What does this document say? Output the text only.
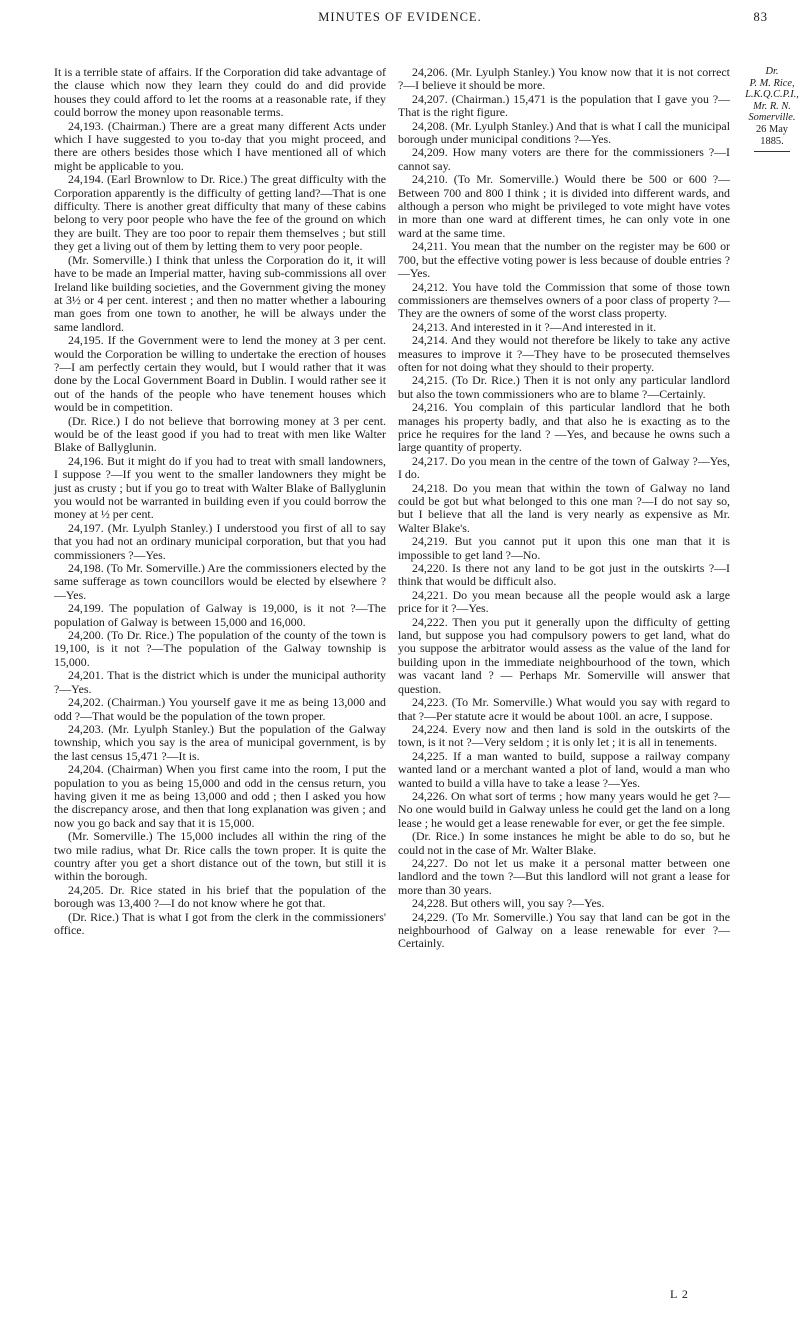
MINUTES OF EVIDENCE.	83

It is a terrible state of affairs. If the Corporation did take advantage of the clause which now they learn they could do and did provide houses they could afford to let the rooms at a reasonable rate, if they could borrow the money upon reasonable terms.

24,193. (Chairman.) There are a great many different Acts under which I have suggested to you to-day that you might proceed, and there are others besides those which I have mentioned all of which might be applicable to you.

24,194. (Earl Brownlow to Dr. Rice.) The great difficulty with the Corporation apparently is the difficulty of getting land?—That is one difficulty. There is another great difficulty that many of these cabins belong to very poor people who have the fee of the ground on which they are built. They are too poor to repair them themselves ; but still they get a living out of them by letting them to very poor people.

(Mr. Somerville.) I think that unless the Corporation do it, it will have to be made an Imperial matter, having sub-commissions all over Ireland like building societies, and the Government giving the money at 3½ or 4 per cent. interest ; and then no matter whether a labouring man goes from one town to another, he will be always under the same landlord.

24,195. If the Government were to lend the money at 3 per cent. would the Corporation be willing to undertake the erection of houses ?—I am perfectly certain they would, but I would rather that it was done by the Local Government Board in Dublin. I would rather see it out of the hands of the people who have tenement houses which would be in competition.

(Dr. Rice.) I do not believe that borrowing money at 3 per cent. would be of the least good if you had to treat with men like Walter Blake of Ballyglunin.

24,196. But it might do if you had to treat with small landowners, I suppose ?—If you went to the smaller landowners they might be just as crusty ; but if you go to treat with Walter Blake of Ballyglunin you would not be warranted in building even if you could borrow the money at ½ per cent.

24,197. (Mr. Lyulph Stanley.) I understood you first of all to say that you had not an ordinary municipal corporation, but that you had commissioners ?—Yes.

24,198. (To Mr. Somerville.) Are the commissioners elected by the same sufferage as town councillors would be elected by elsewhere ?—Yes.

24,199. The population of Galway is 19,000, is it not ?—The population of Galway is between 15,000 and 16,000.

24,200. (To Dr. Rice.) The population of the county of the town is 19,100, is it not ?—The population of the Galway township is 15,000.

24,201. That is the district which is under the municipal authority ?—Yes.

24,202. (Chairman.) You yourself gave it me as being 13,000 and odd ?—That would be the population of the town proper.

24,203. (Mr. Lyulph Stanley.) But the population of the Galway township, which you say is the area of municipal government, is by the last census 15,471 ?—It is.

24,204. (Chairman) When you first came into the room, I put the population to you as being 15,000 and odd in the census return, you having given it me as being 13,000 and odd ; then I asked you how the discrepancy arose, and then that long explanation was given ; and now you go back and say that it is 15,000.

(Mr. Somerville.) The 15,000 includes all within the ring of the two mile radius, what Dr. Rice calls the town proper. It is quite the country after you get a short distance out of the town, but still it is within the borough.

24,205. Dr. Rice stated in his brief that the population of the borough was 13,400 ?—I do not know where he got that.

(Dr. Rice.) That is what I got from the clerk in the commissioners' office.

24,206. (Mr. Lyulph Stanley.) You know now that it is not correct ?—I believe it should be more.

24,207. (Chairman.) 15,471 is the population that I gave you ?—That is the right figure.

24,208. (Mr. Lyulph Stanley.) And that is what I call the municipal borough under municipal conditions ?—Yes.

24,209. How many voters are there for the commissioners ?—I cannot say.

24,210. (To Mr. Somerville.) Would there be 500 or 600 ?—Between 700 and 800 I think ; it is divided into different wards, and although a person who might be privileged to vote might have votes in more than one ward at different times, he can only vote in one ward at the same time.

24,211. You mean that the number on the register may be 600 or 700, but the effective voting power is less because of double entries ?—Yes.

24,212. You have told the Commission that some of those town commissioners are themselves owners of a poor class of property ?—They are the owners of some of the worst class property.

24,213. And interested in it ?—And interested in it.

24,214. And they would not therefore be likely to take any active measures to improve it ?—They have to be prosecuted themselves often for not doing what they should to their property.

24,215. (To Dr. Rice.) Then it is not only any particular landlord but also the town commissioners who are to blame ?—Certainly.

24,216. You complain of this particular landlord that he both manages his property badly, and that also he is exacting as to the price he requires for the land ? —Yes, and because he owns such a large quantity of property.

24,217. Do you mean in the centre of the town of Galway ?—Yes, I do.

24,218. Do you mean that within the town of Galway no land could be got but what belonged to this one man ?—I do not say so, but I believe that all the land is very nearly as expensive as Mr. Walter Blake's.

24,219. But you cannot put it upon this one man that it is impossible to get land ?—No.

24,220. Is there not any land to be got just in the outskirts ?—I think that would be difficult also.

24,221. Do you mean because all the people would ask a large price for it ?—Yes.

24,222. Then you put it generally upon the difficulty of getting land, but suppose you had compulsory powers to get land, what do you suppose the arbitrator would assess as the value of the land for building upon in the immediate neighbourhood of the town, which was vacant land ? — Perhaps Mr. Somerville will answer that question.

24,223. (To Mr. Somerville.) What would you say with regard to that ?—Per statute acre it would be about 100l. an acre, I suppose.

24,224. Every now and then land is sold in the outskirts of the town, is it not ?—Very seldom ; it is only let ; it is all in tenements.

24,225. If a man wanted to build, suppose a railway company wanted land or a merchant wanted a plot of land, would a man who wanted to build a villa have to take a lease ?—Yes.

24,226. On what sort of terms ; how many years would he get ?—No one would build in Galway unless he could get the land on a long lease ; he would get a lease renewable for ever, or get the fee simple.

(Dr. Rice.) In some instances he might be able to do so, but he could not in the case of Mr. Walter Blake.

24,227. Do not let us make it a personal matter between one landlord and the town ?—But this landlord will not grant a lease for more than 30 years.

24,228. But others will, you say ?—Yes.

24,229. (To Mr. Somerville.) You say that land can be got in the neighbourhood of Galway on a lease renewable for ever ?—Certainly.

Dr.
P. M. Rice,
L.K.Q.C.P.I.,
Mr. R. N.
Somerville.
26 May 1885.
L 2
